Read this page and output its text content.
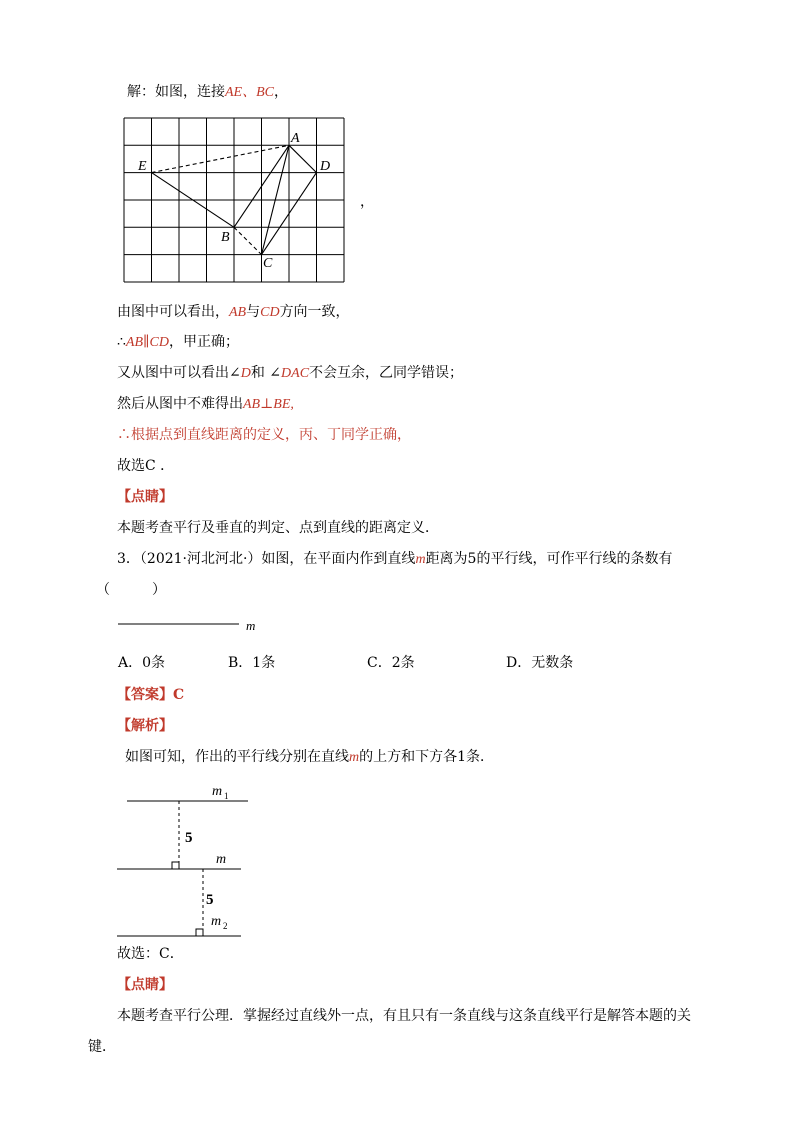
解：如图，连接AE、BC，
A
E	D
B
C
，
由图中可以看出，AB与CD方向一致，
∴AB∥CD，甲正确；
又从图中可以看出∠D和 ∠DAC不会互余，乙同学错误；
然后从图中不难得出AB⊥BE,
∴根据点到直线距离的定义，丙、丁同学正确，
故选C ．
【点睛】
本题考查平行及垂直的判定、点到直线的距离定义．
3．（2021·河北河北·）如图，在平面内作到直线m距离为5的平行线，可作平行线的条数有
（　　　）
m
A．0条	B．1条	C．2条	D．无数条
【答案】C
【解析】
如图可知，作出的平行线分别在直线m的上方和下方各1条．
m 1
m
m 2
5
5
故选：C．
【点睛】
本题考查平行公理．掌握经过直线外一点，有且只有一条直线与这条直线平行是解答本题的关
键．
